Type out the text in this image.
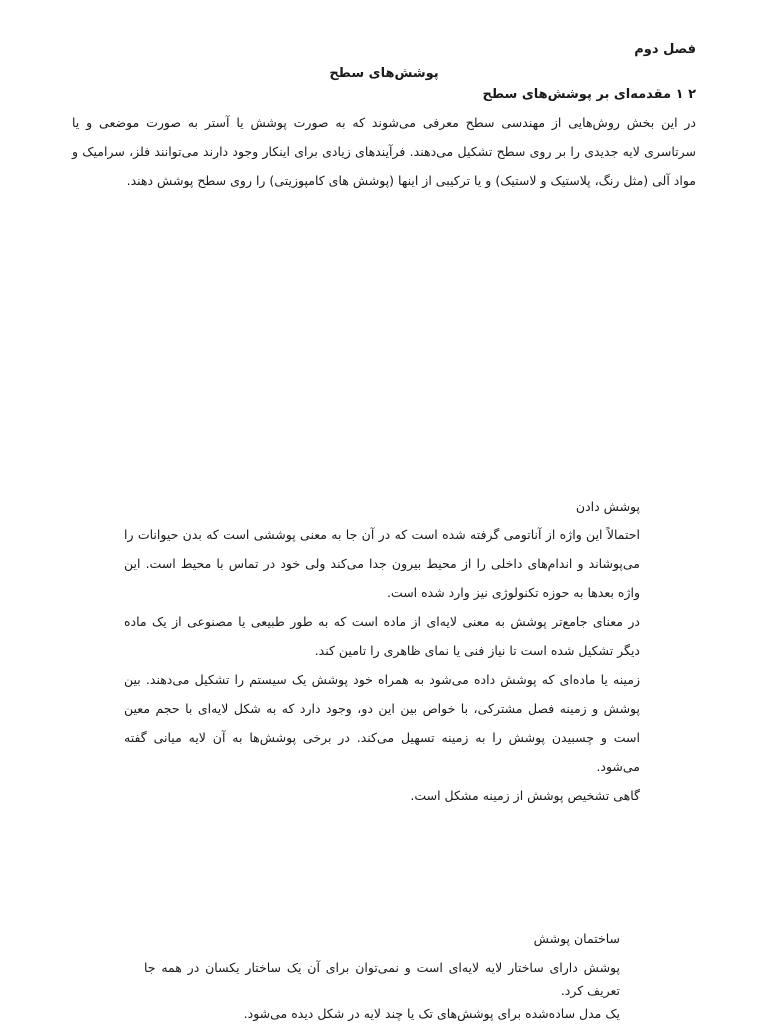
فصل دوم
پوشش‌های سطح
۲ ۱ مقدمه‌ای بر پوشش‌های سطح
در این بخش روش‌هایی از مهندسی سطح معرفی می‌شوند که به صورت پوشش یا آستر به صورت موضعی و یا سرتاسری لایه جدیدی را بر روی سطح تشکیل می‌دهند. فرآیندهای زیادی برای اینکار وجود دارند می‌توانند فلز، سرامیک و مواد آلی (مثل رنگ، پلاستیک و لاستیک) و یا ترکیبی از اینها (پوشش های کامپوزیتی) را روی سطح پوشش دهند.

پوشش دادن

احتمالاً این واژه از آناتومی گرفته شده است که در آن جا به معنی پوششی است که بدن حیوانات را می‌پوشاند و اندام‌های داخلی را از محیط بیرون جدا می‌کند ولی خود در تماس با محیط است. این واژه بعدها به حوزه تکنولوژی نیز وارد شده است.

در معنای جامع‌تر پوشش به معنی لایه‌ای از ماده است که به طور طبیعی یا مصنوعی از یک ماده دیگر تشکیل شده است تا نیاز فنی یا نمای ظاهری را تامین کند.

زمینه یا ماده‌ای که پوشش داده می‌شود به همراه خود پوشش یک سیستم را تشکیل می‌دهند. بین پوشش و زمینه فصل مشترکی، با خواص بین این دو، وجود دارد که به شکل لایه‌ای با حجم معین است و چسبیدن پوشش را به زمینه تسهیل می‌کند. در برخی پوشش‌ها به آن لایه میانی گفته می‌شود.

گاهی تشخیص پوشش از زمینه مشکل است.

ساختمان پوشش

پوشش دارای ساختار لایه لایه‌ای است و نمی‌توان برای آن یک ساختار یکسان در همه جا تعریف کرد.

یک مدل ساده‌شده برای پوشش‌های تک یا چند لایه در شکل دیده می‌شود.
